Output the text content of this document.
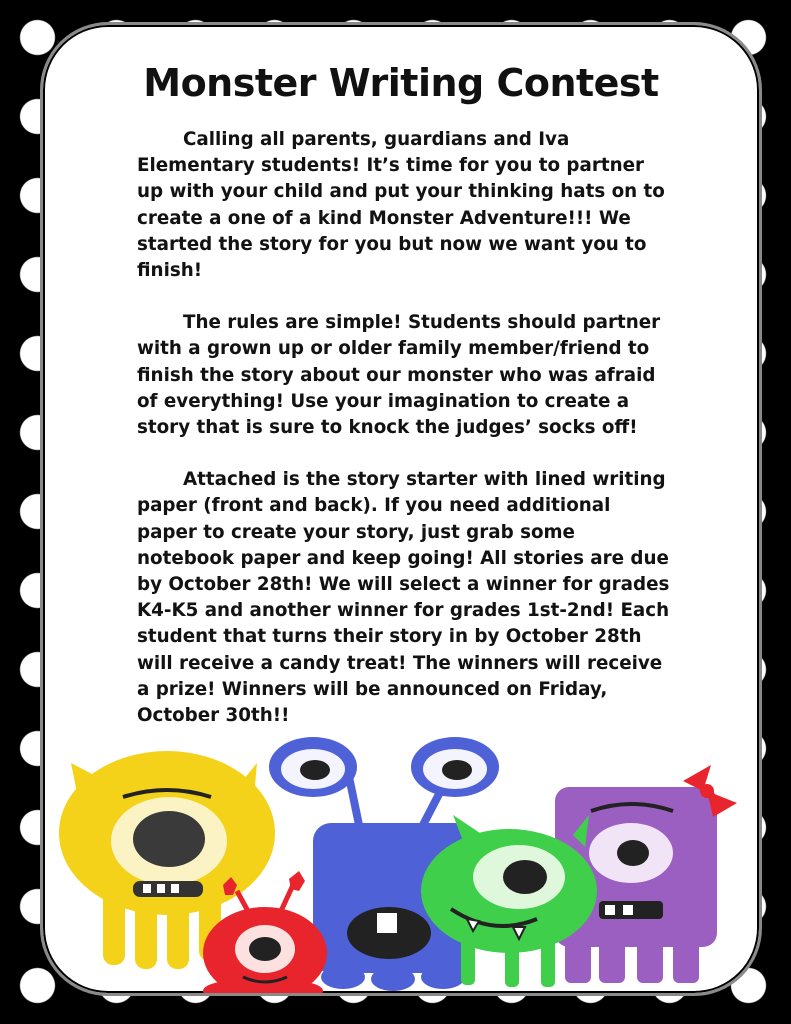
Monster Writing Contest

Calling all parents, guardians and Iva Elementary students! It’s time for you to partner up with your child and put your thinking hats on to create a one of a kind Monster Adventure!!! We started the story for you but now we want you to finish!

The rules are simple! Students should partner with a grown up or older family member/friend to finish the story about our monster who was afraid of everything! Use your imagination to create a story that is sure to knock the judges’ socks off!

Attached is the story starter with lined writing paper (front and back). If you need additional paper to create your story, just grab some notebook paper and keep going! All stories are due by October 28th! We will select a winner for grades K4-K5 and another winner for grades 1st-2nd! Each student that turns their story in by October 28th will receive a candy treat! The winners will receive a prize! Winners will be announced on Friday, October 30th!!
